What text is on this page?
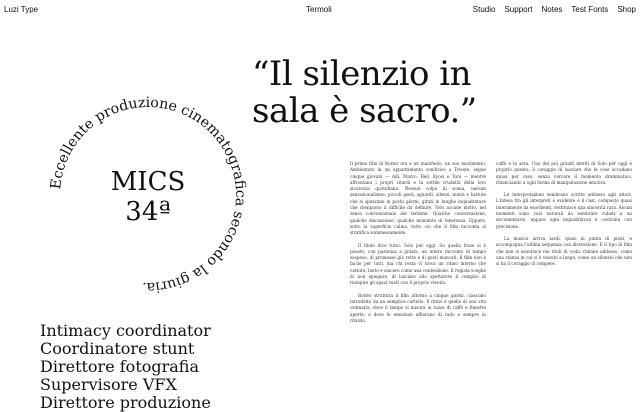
Luzi Type	Termoli	Studio Support Notes Test Fonts Shop
“Il silenzio in
sala è sacro.”
Eccellente produzione cinematografica secondo la giuria.
MICS
34ª
Intimacy coordinator
Coordinatore stunt
Direttore fotografia
Supervisore VFX
Direttore produzione

Il primo film di Rotter era e un manifesto, un suo movimento. Ambientato in un appartamento condiviso a Trieste, segue cinque giovani — Adi, Marco, Bell, Kyosi e Toni — mentre affrontano i propri ritardi e la sottile crudeltà della loro sicurezza quotidiana. Nessun colpo di scena, nessun sensazionalismo: piccoli gesti, sguardi, silenzi, morsi e battute che si spezzano in pochi giorni, girati in lunghe inquadrature che riempiono il difficile da definire. Non accade molto, nel senso convenzionale del termine. Qualche conversazione, qualche discussione, qualche momento di tenerezza. Eppure, sotto la superficie calma, tutto ciò che il film racconta si stratifica sommessamente.

Il titolo dice tutto: Solo per oggi. Su quella frase si è posato, con pazienza e grazia, un intero racconto di tempo sospeso, di promesse già rotte e di gesti mancati. Il film non è facile per tutti, ma chi resta vi trova un ritmo interno che cattura, lento e sincero come una confessione. Il regista sceglie di non spiegare, di lasciare allo spettatore il compito di riempire gli spazi vuoti con il proprio vissuto.

Rotter struttura il film attorno a cinque giorni, ciascuno introdotto da un semplice cartello. Il ritmo è quello di una vita ordinaria, dove il tempo si misura in tazze di caffè e finestre aperte, e dove le emozioni affiorano di rado e sempre in ritardo.

caffè e la sera. Uno dei più grandi meriti di Solo per oggi è proprio questo: il coraggio di lasciare che le cose accadano quasi per caso, senza cercare il momento drammatico, rinunciando a ogni forma di manipolazione emotiva.

Le interpretazioni sembrano scritte addosso agli attori. L'intesa tra gli interpreti è evidente e il cast, composto quasi interamente da esordienti, restituisce una sincerità rara. Alcuni momenti sono così naturali da sembrare rubati a un documentario, eppure ogni inquadratura è costruita con precisione.

La musica arriva tardi, quasi in punta di piedi, e accompagna l'ultima sequenza con discrezione. È il tipo di film che non si esaurisce nei titoli di coda: rimane addosso, come una stanza in cui si è vissuto a lungo, come un silenzio che non si ha il coraggio di rompere.
